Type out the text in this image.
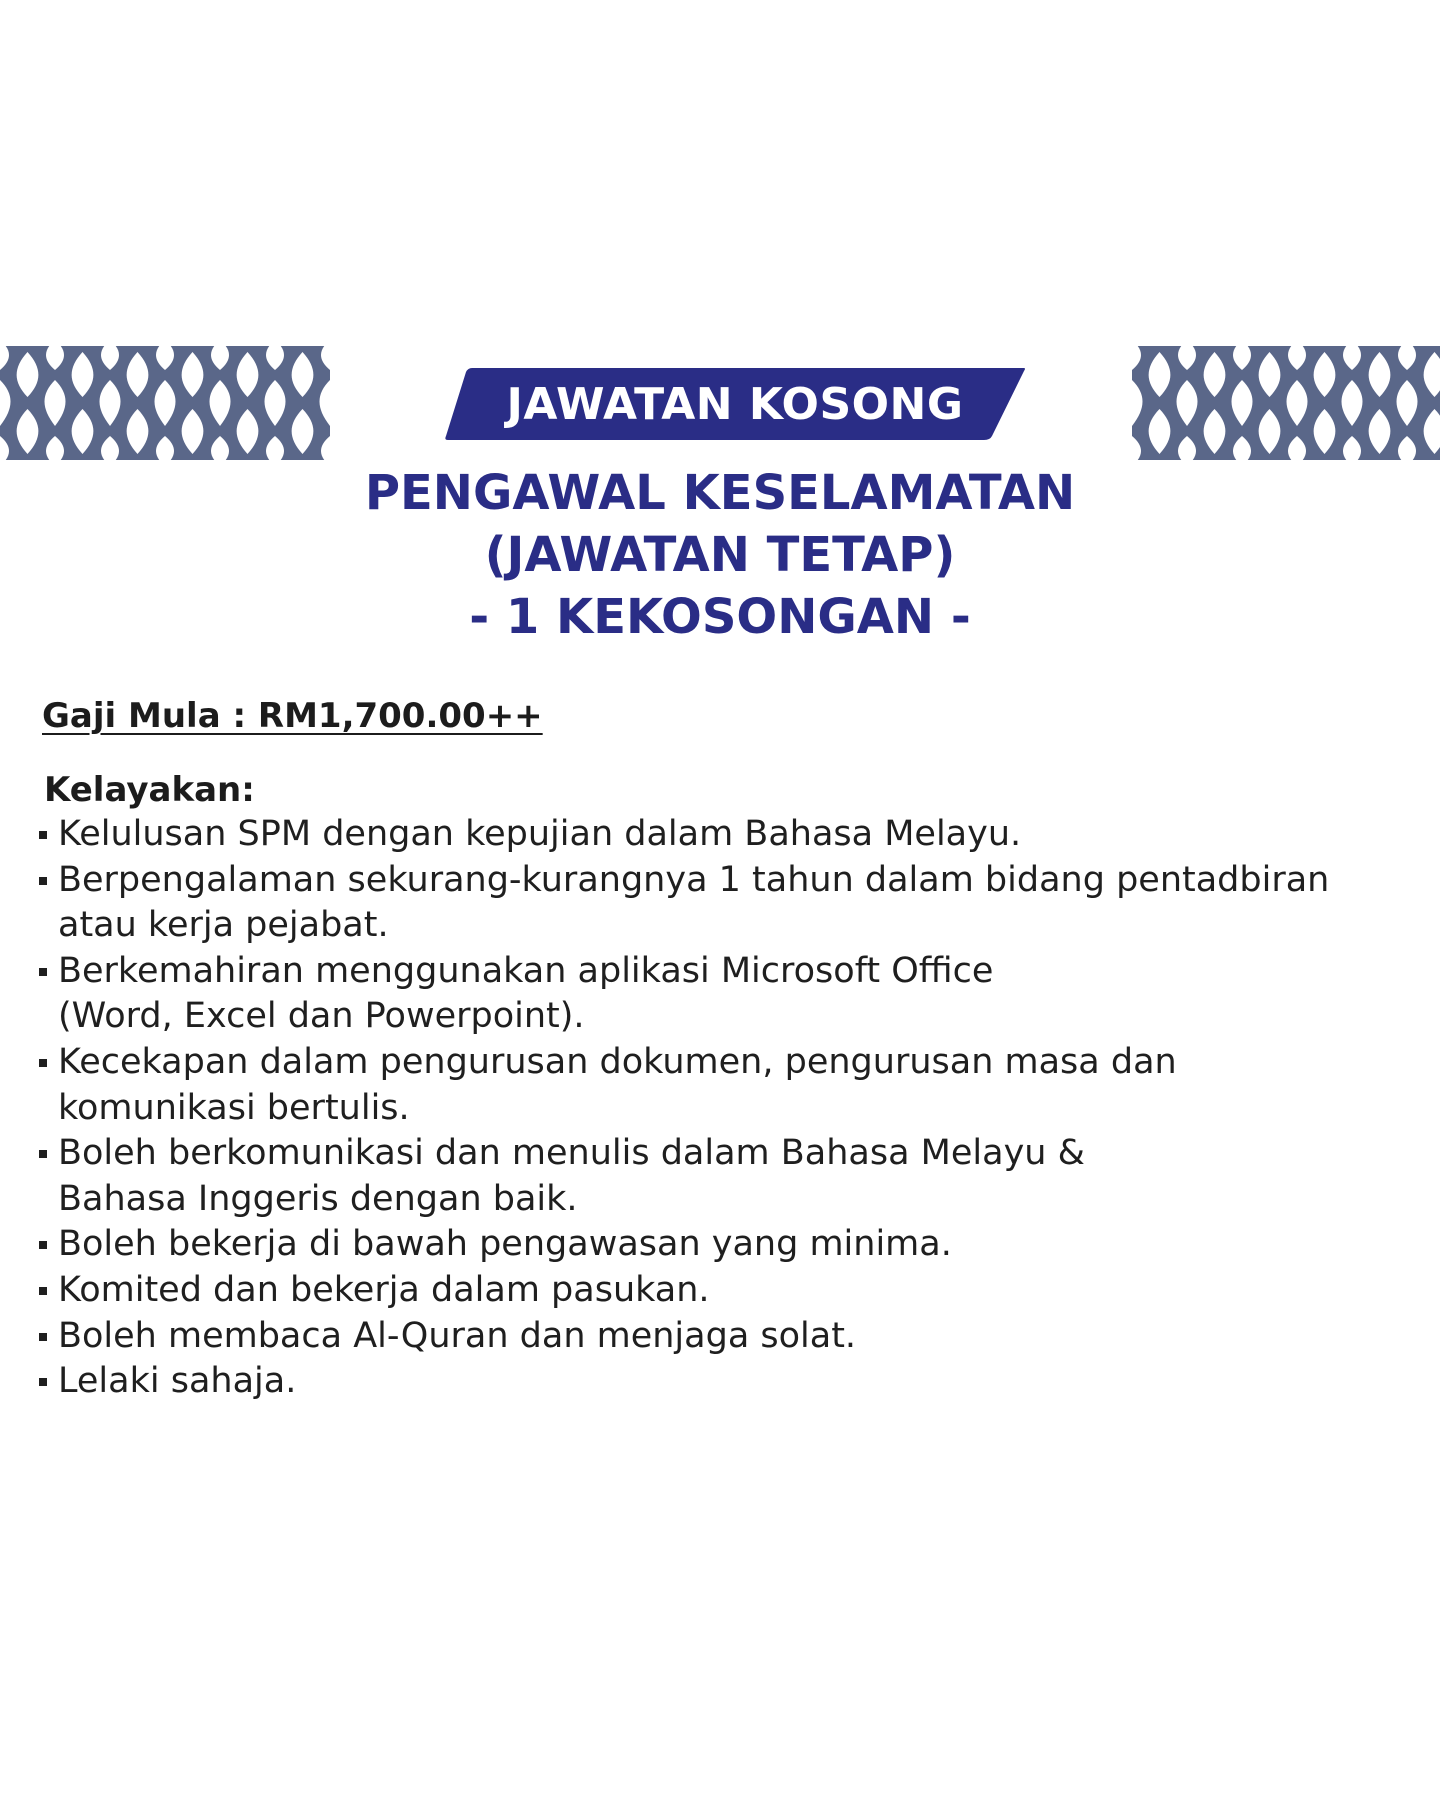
JAWATAN KOSONG
PENGAWAL KESELAMATAN
(JAWATAN TETAP)
- 1 KEKOSONGAN -
Gaji Mula : RM1,700.00++
Kelayakan:
Kelulusan SPM dengan kepujian dalam Bahasa Melayu.
Berpengalaman sekurang-kurangnya 1 tahun dalam bidang pentadbiran
atau kerja pejabat.
Berkemahiran menggunakan aplikasi Microsoft Office
(Word, Excel dan Powerpoint).
Kecekapan dalam pengurusan dokumen, pengurusan masa dan
komunikasi bertulis.
Boleh berkomunikasi dan menulis dalam Bahasa Melayu &
Bahasa Inggeris dengan baik.
Boleh bekerja di bawah pengawasan yang minima.
Komited dan bekerja dalam pasukan.
Boleh membaca Al-Quran dan menjaga solat.
Lelaki sahaja.
